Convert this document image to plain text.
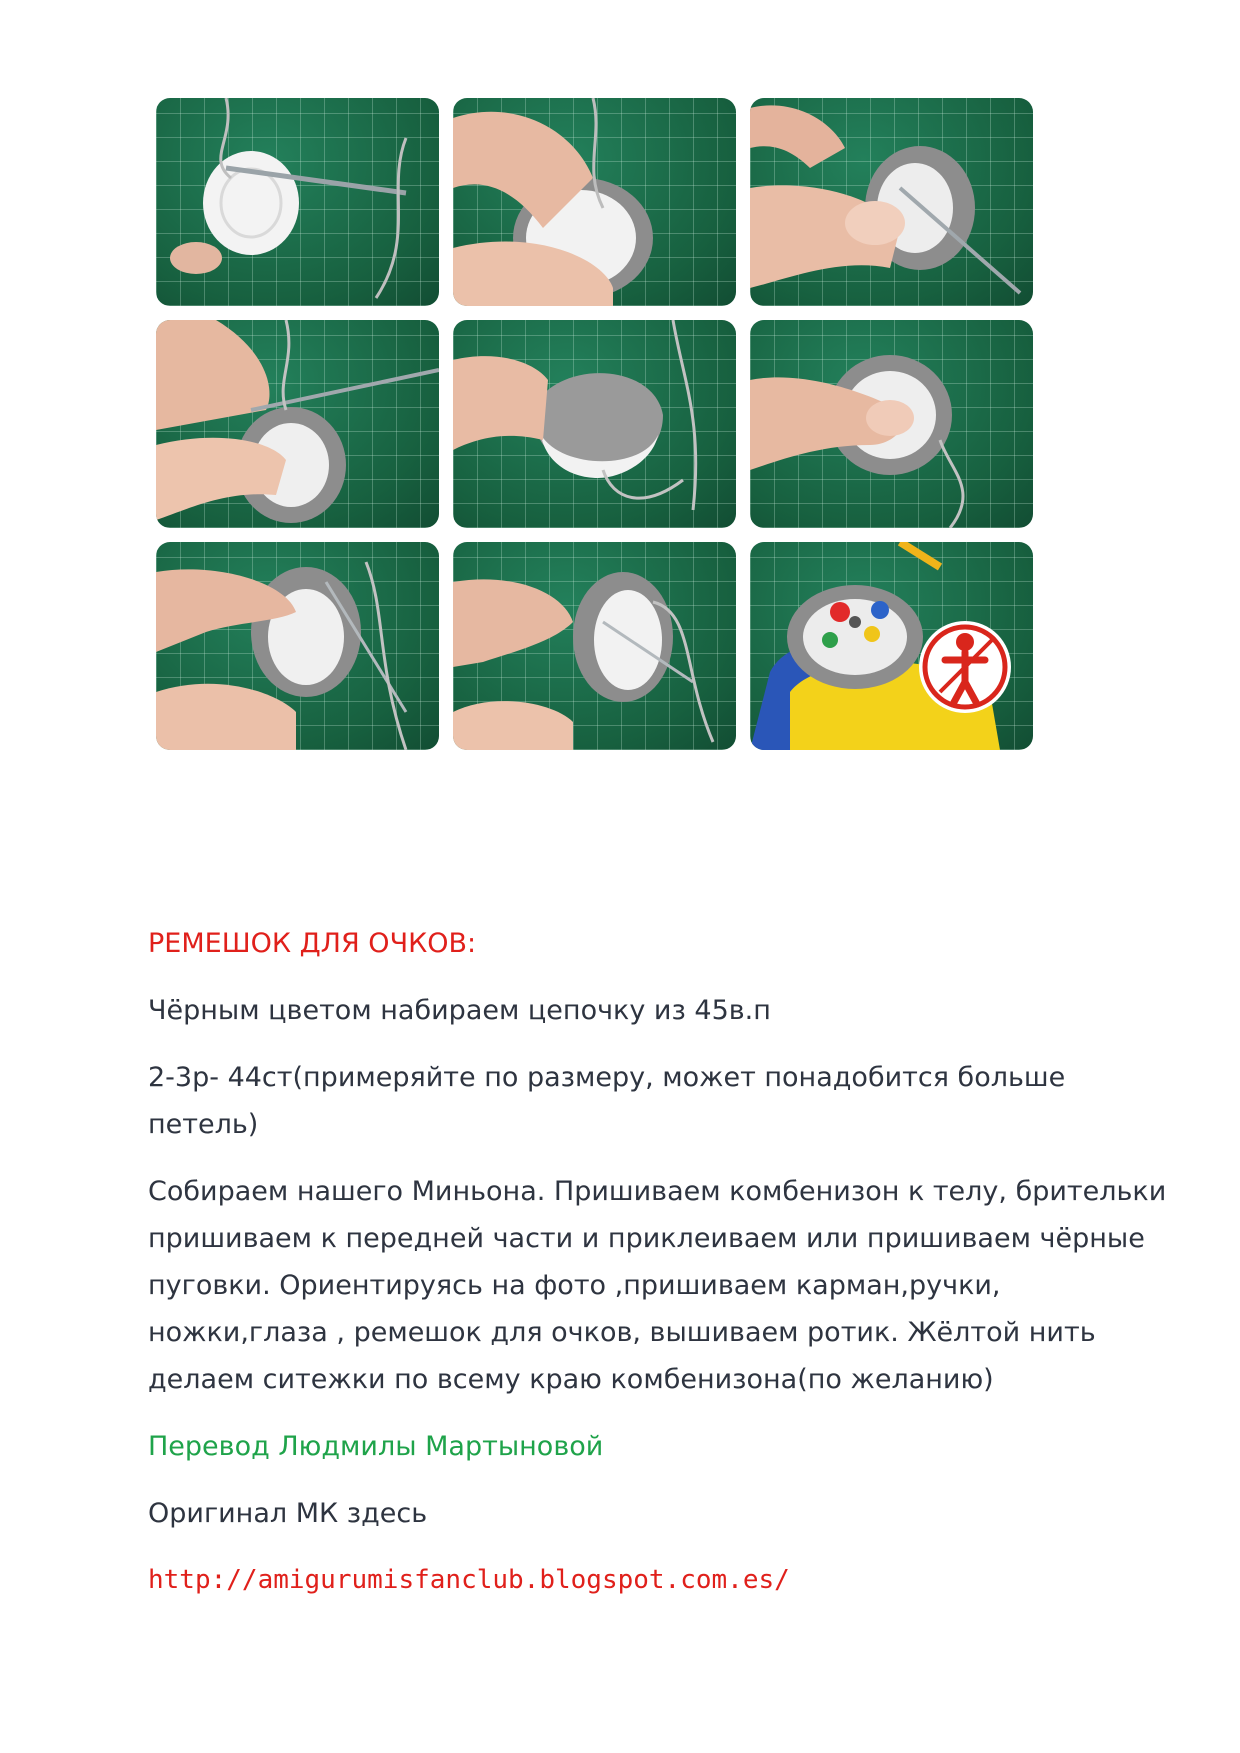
РЕМЕШОК ДЛЯ ОЧКОВ:

Чёрным цветом набираем цепочку из 45в.п

2-3р- 44ст(примеряйте по размеру, может понадобится больше петель)

Собираем нашего Миньона. Пришиваем комбенизон к телу, брительки пришиваем к передней части и приклеиваем или пришиваем чёрные пуговки. Ориентируясь на фото ,пришиваем карман,ручки, ножки,глаза , ремешок для очков, вышиваем ротик. Жёлтой нить делаем ситежки по всему краю комбенизона(по желанию)

Перевод Людмилы Мартыновой

Оригинал МК здесь

http://amigurumisfanclub.blogspot.com.es/
